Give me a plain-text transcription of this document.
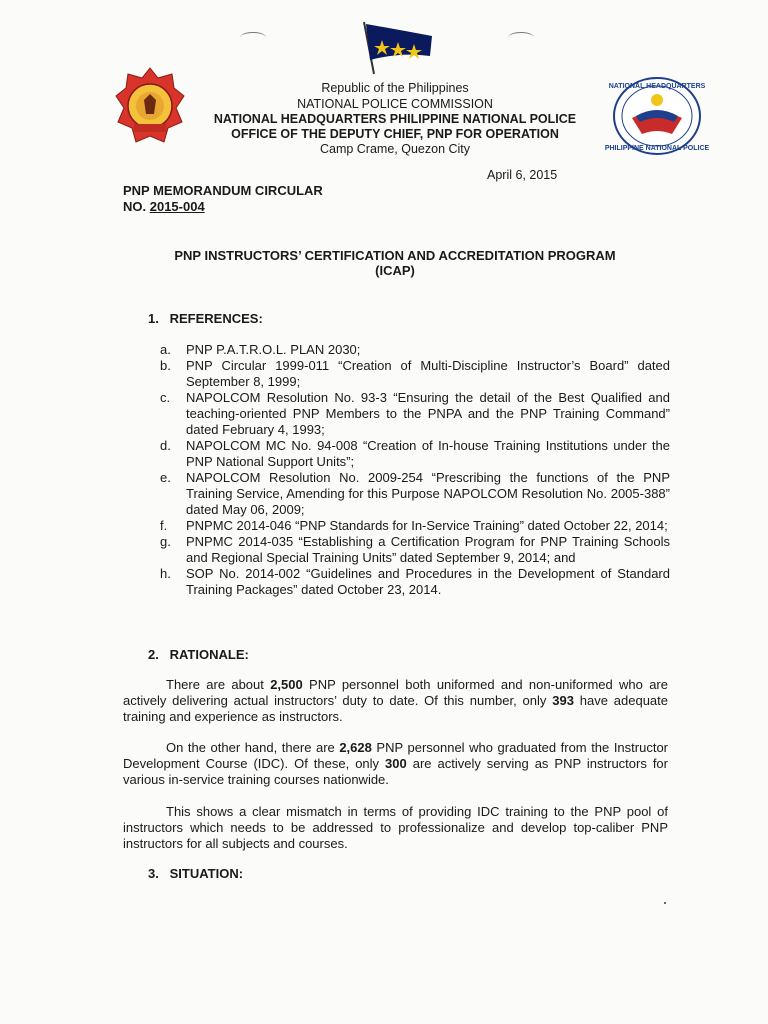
NATIONAL HEADQUARTERS
PHILIPPINE NATIONAL POLICE
Republic of the Philippines
NATIONAL POLICE COMMISSION
NATIONAL HEADQUARTERS PHILIPPINE NATIONAL POLICE
OFFICE OF THE DEPUTY CHIEF, PNP FOR OPERATION
Camp Crame, Quezon City
April 6, 2015
PNP MEMORANDUM CIRCULAR
NO. 2015-004
PNP INSTRUCTORS’ CERTIFICATION AND ACCREDITATION PROGRAM
(ICAP)
1. REFERENCES:
a.	PNP P.A.T.R.O.L. PLAN 2030;
b.	PNP Circular 1999-011 “Creation of Multi-Discipline Instructor’s Board” dated September 8, 1999;
c.	NAPOLCOM Resolution No. 93-3 “Ensuring the detail of the Best Qualified and teaching-oriented PNP Members to the PNPA and the PNP Training Command” dated February 4, 1993;
d.	NAPOLCOM MC No. 94-008 “Creation of In-house Training Institutions under the PNP National Support Units”;
e.	NAPOLCOM Resolution No. 2009-254 “Prescribing the functions of the PNP Training Service, Amending for this Purpose NAPOLCOM Resolution No. 2005-388” dated May 06, 2009;
f.	PNPMC 2014-046 “PNP Standards for In-Service Training” dated October 22, 2014;
g.	PNPMC 2014-035 “Establishing a Certification Program for PNP Training Schools and Regional Special Training Units” dated September 9, 2014; and
h.	SOP No. 2014-002 “Guidelines and Procedures in the Development of Standard Training Packages” dated October 23, 2014.
2. RATIONALE:
There are about 2,500 PNP personnel both uniformed and non-uniformed who are actively delivering actual instructors’ duty to date. Of this number, only 393 have adequate training and experience as instructors.
On the other hand, there are 2,628 PNP personnel who graduated from the Instructor Development Course (IDC). Of these, only 300 are actively serving as PNP instructors for various in-service training courses nationwide.
This shows a clear mismatch in terms of providing IDC training to the PNP pool of instructors which needs to be addressed to professionalize and develop top-caliber PNP instructors for all subjects and courses.
3. SITUATION:
